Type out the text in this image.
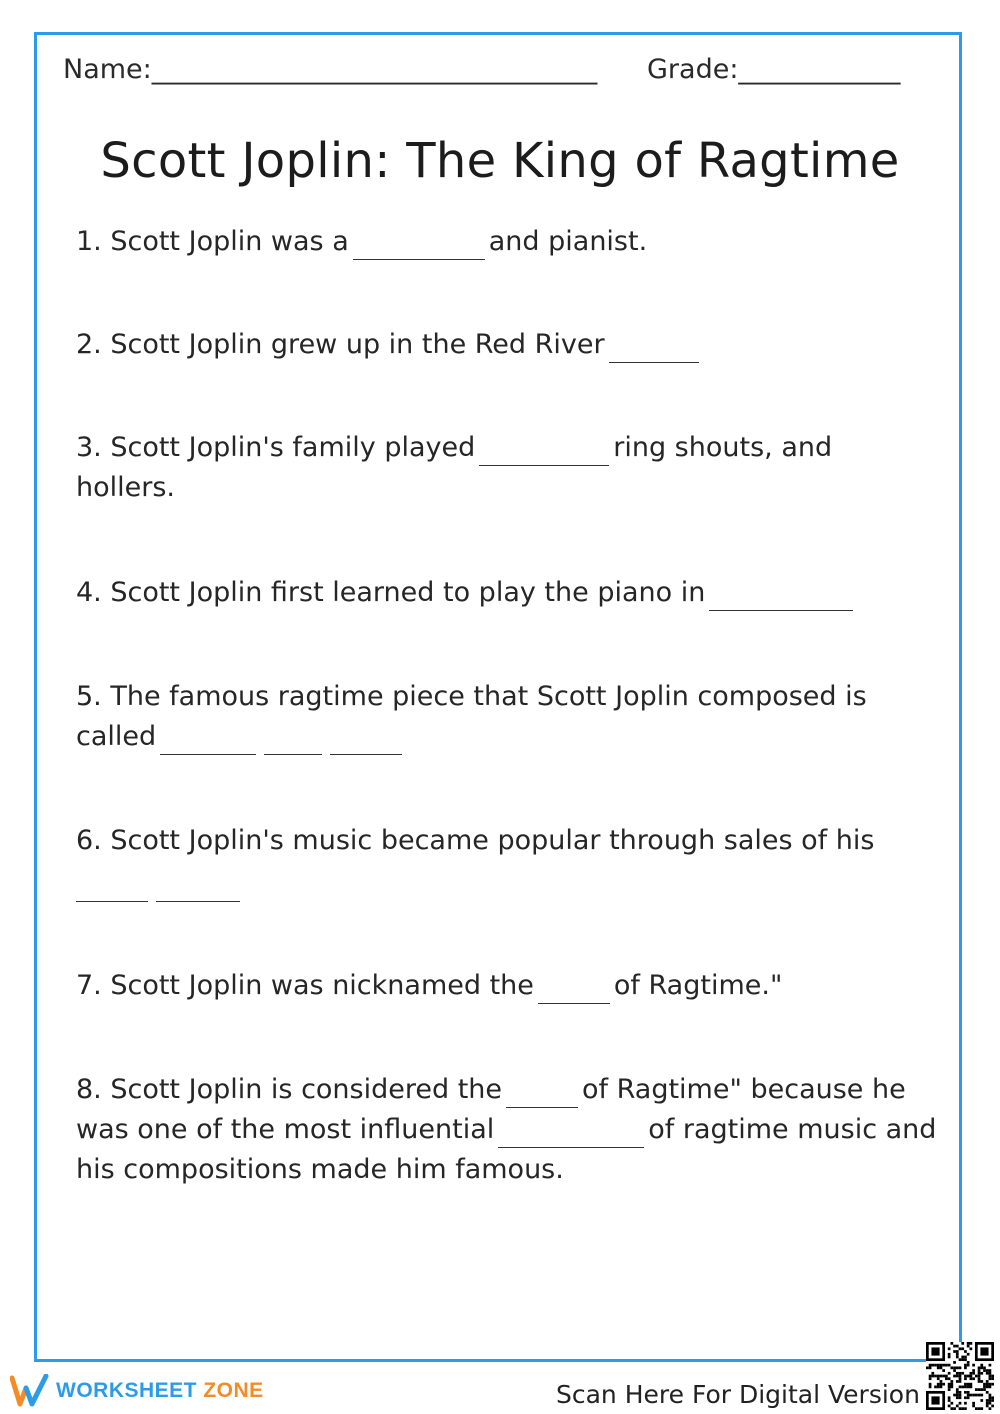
Name:_________________________________ Grade:____________
Scott Joplin: The King of Ragtime
1. Scott Joplin was a	and pianist.
2. Scott Joplin grew up in the Red River
3. Scott Joplin's family played	ring shouts, and
hollers.
4. Scott Joplin first learned to play the piano in
5. The famous ragtime piece that Scott Joplin composed is
called
6. Scott Joplin's music became popular through sales of his
7. Scott Joplin was nicknamed the	of Ragtime."
8. Scott Joplin is considered the	of Ragtime" because he
was one of the most influential	of ragtime music and
his compositions made him famous.
WORKSHEET ZONE	Scan Here For Digital Version
